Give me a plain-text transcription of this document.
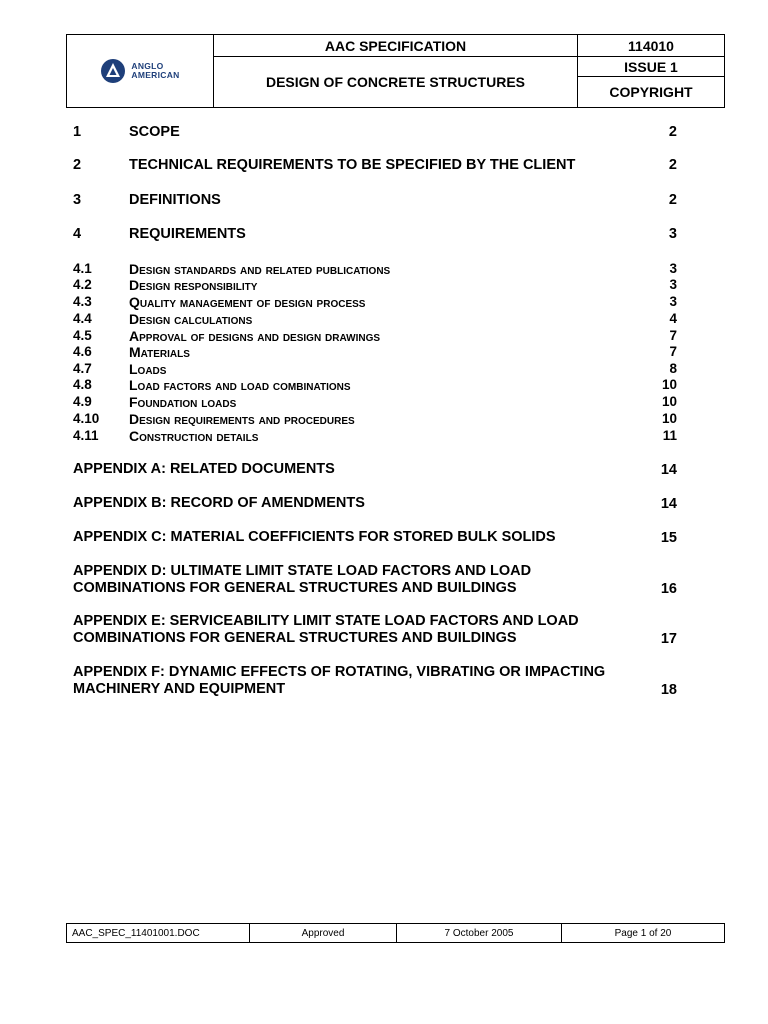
ANGLO
AMERICAN	AAC SPECIFICATION	114010
	DESIGN OF CONCRETE STRUCTURES	ISSUE 1
		COPYRIGHT
1	SCOPE	2
2	TECHNICAL REQUIREMENTS TO BE SPECIFIED BY THE CLIENT	2
3	DEFINITIONS	2
4	REQUIREMENTS	3
4.1	Design standards and related publications	3
4.2	Design responsibility	3
4.3	Quality management of design process	3
4.4	Design calculations	4
4.5	Approval of designs and design drawings	7
4.6	Materials	7
4.7	Loads	8
4.8	Load factors and load combinations	10
4.9	Foundation loads	10
4.10 Design requirements and procedures	10
4.11 Construction details	11
APPENDIX A: RELATED DOCUMENTS	14
APPENDIX B: RECORD OF AMENDMENTS	14
APPENDIX C: MATERIAL COEFFICIENTS FOR STORED BULK SOLIDS	15
APPENDIX D: ULTIMATE LIMIT STATE LOAD FACTORS AND LOAD
COMBINATIONS FOR GENERAL STRUCTURES AND BUILDINGS	16
APPENDIX E: SERVICEABILITY LIMIT STATE LOAD FACTORS AND LOAD
COMBINATIONS FOR GENERAL STRUCTURES AND BUILDINGS	17
APPENDIX F: DYNAMIC EFFECTS OF ROTATING, VIBRATING OR IMPACTING
MACHINERY AND EQUIPMENT	18
AAC_SPEC_11401001.DOC	Approved	7 October 2005	Page 1 of 20
